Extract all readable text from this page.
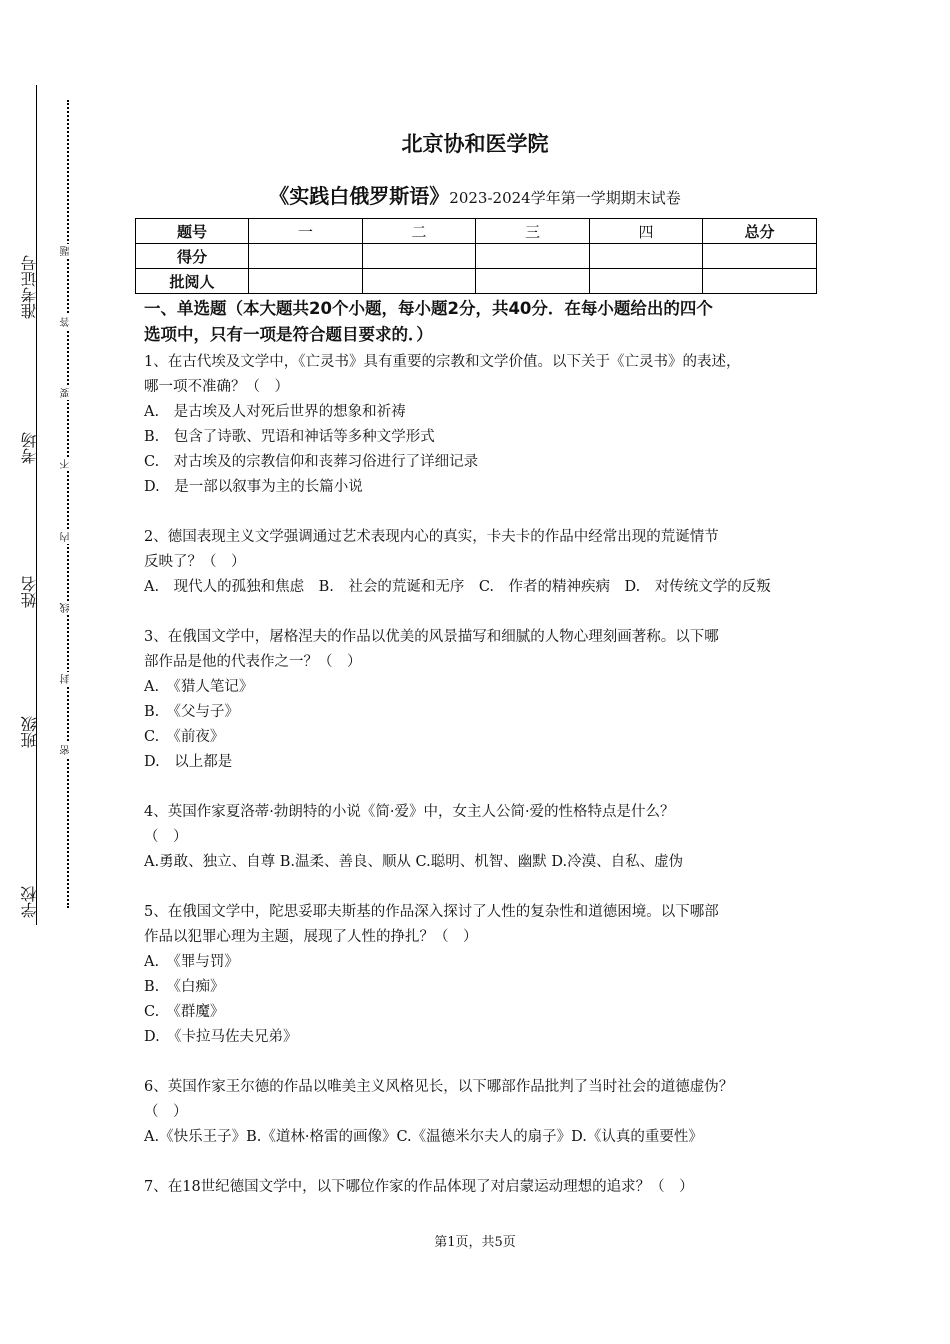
准考证号
考场
姓名
班级
学校
题
答
要
不
内
线
封
密
北京协和医学院
《实践白俄罗斯语》2023-2024学年第一学期期末试卷
题号	一	二	三	四	总分
得分					
批阅人					
一、单选题（本大题共20个小题，每小题2分，共40分．在每小题给出的四个
选项中，只有一项是符合题目要求的．）
1、在古代埃及文学中，《亡灵书》具有重要的宗教和文学价值。以下关于《亡灵书》的表述，
哪一项不准确？（　）
A.　是古埃及人对死后世界的想象和祈祷
B.　包含了诗歌、咒语和神话等多种文学形式
C.　对古埃及的宗教信仰和丧葬习俗进行了详细记录
D.　是一部以叙事为主的长篇小说
2、德国表现主义文学强调通过艺术表现内心的真实，卡夫卡的作品中经常出现的荒诞情节
反映了？（　）
A.　现代人的孤独和焦虑　B.　社会的荒诞和无序　C.　作者的精神疾病　D.　对传统文学的反叛
3、在俄国文学中，屠格涅夫的作品以优美的风景描写和细腻的人物心理刻画著称。以下哪
部作品是他的代表作之一？（　）
A.　《猎人笔记》
B.　《父与子》
C.　《前夜》
D.　以上都是
4、英国作家夏洛蒂·勃朗特的小说《简·爱》中，女主人公简·爱的性格特点是什么？
（　）
A.勇敢、独立、自尊 B.温柔、善良、顺从 C.聪明、机智、幽默 D.冷漠、自私、虚伪
5、在俄国文学中，陀思妥耶夫斯基的作品深入探讨了人性的复杂性和道德困境。以下哪部
作品以犯罪心理为主题，展现了人性的挣扎？（　）
A.　《罪与罚》
B.　《白痴》
C.　《群魔》
D.　《卡拉马佐夫兄弟》
6、英国作家王尔德的作品以唯美主义风格见长，以下哪部作品批判了当时社会的道德虚伪？
（　）
A.《快乐王子》B.《道林·格雷的画像》C.《温德米尔夫人的扇子》D.《认真的重要性》
7、在18世纪德国文学中，以下哪位作家的作品体现了对启蒙运动理想的追求？（　）
第1页，共5页
